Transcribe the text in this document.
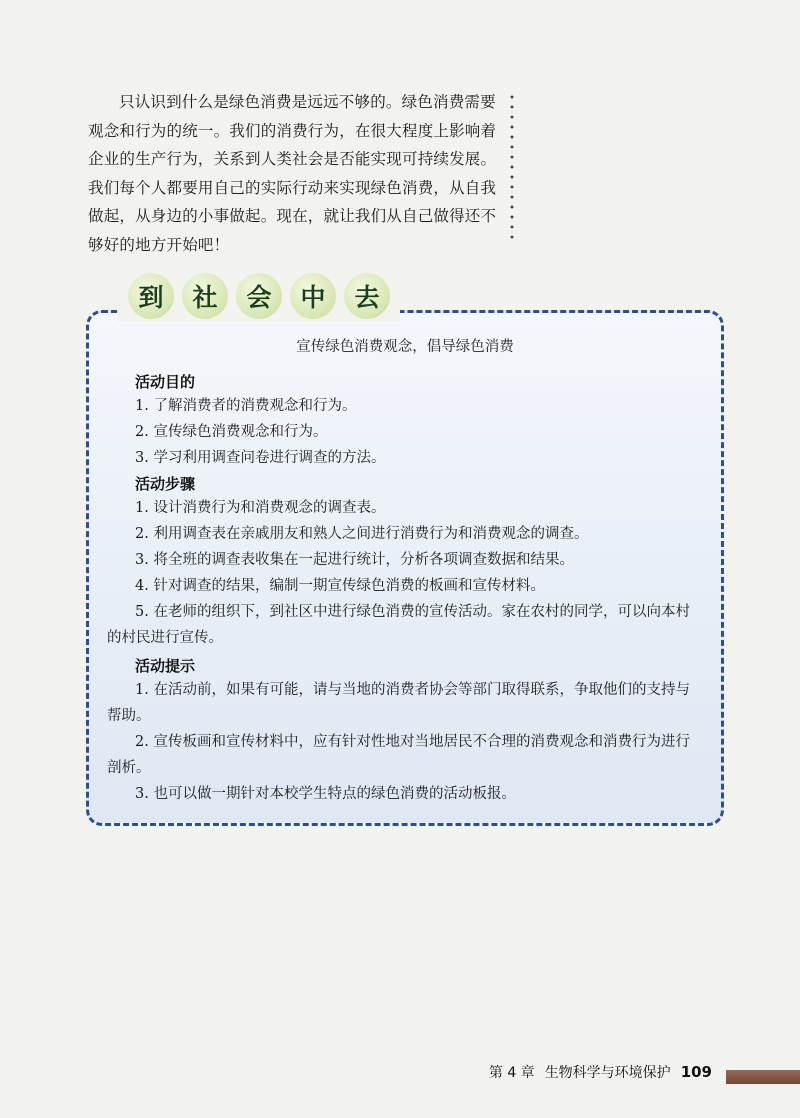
只认识到什么是绿色消费是远远不够的。绿色消费需要观念和行为的统一。我们的消费行为，在很大程度上影响着企业的生产行为，关系到人类社会是否能实现可持续发展。我们每个人都要用自己的实际行动来实现绿色消费，从自我做起，从身边的小事做起。现在，就让我们从自己做得还不够好的地方开始吧！

宣传绿色消费观念，倡导绿色消费
活动目的
1. 了解消费者的消费观念和行为。
2. 宣传绿色消费观念和行为。
3. 学习利用调查问卷进行调查的方法。
活动步骤
1. 设计消费行为和消费观念的调查表。
2. 利用调查表在亲戚朋友和熟人之间进行消费行为和消费观念的调查。
3. 将全班的调查表收集在一起进行统计，分析各项调查数据和结果。
4. 针对调查的结果，编制一期宣传绿色消费的板画和宣传材料。
5. 在老师的组织下，到社区中进行绿色消费的宣传活动。家在农村的同学，可以向本村的村民进行宣传。
活动提示
1. 在活动前，如果有可能，请与当地的消费者协会等部门取得联系，争取他们的支持与帮助。
2. 宣传板画和宣传材料中，应有针对性地对当地居民不合理的消费观念和消费行为进行剖析。
3. 也可以做一期针对本校学生特点的绿色消费的活动板报。
到	社	会	中	去
第 4 章 生物科学与环境保护 109
